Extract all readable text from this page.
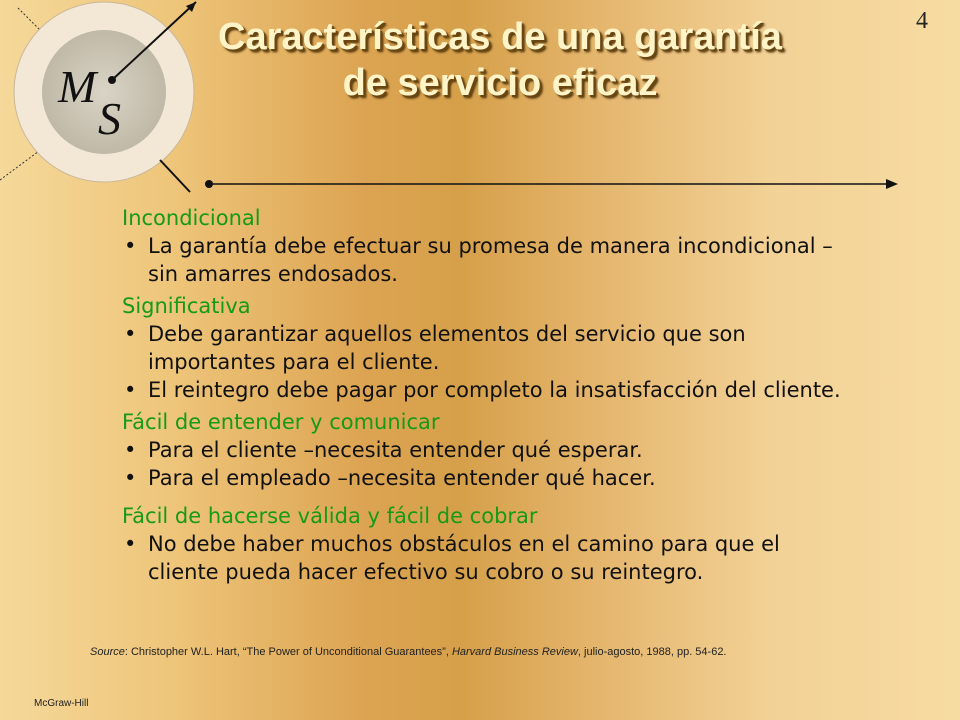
M
S
Características de una garantía
de servicio eficaz
4

Incondicional

• La garantía debe efectuar su promesa de manera incondicional –sin amarres endosados.

Significativa

• Debe garantizar aquellos elementos del servicio que son importantes para el cliente.
• El reintegro debe pagar por completo la insatisfacción del cliente.

Fácil de entender y comunicar

• Para el cliente –necesita entender qué esperar.
• Para el empleado –necesita entender qué hacer.

Fácil de hacerse válida y fácil de cobrar

• No debe haber muchos obstáculos en el camino para que el cliente pueda hacer efectivo su cobro o su reintegro.
Source: Christopher W.L. Hart, “The Power of Unconditional Guarantees”, Harvard Business Review, julio-agosto, 1988, pp. 54-62.
McGraw-Hill
